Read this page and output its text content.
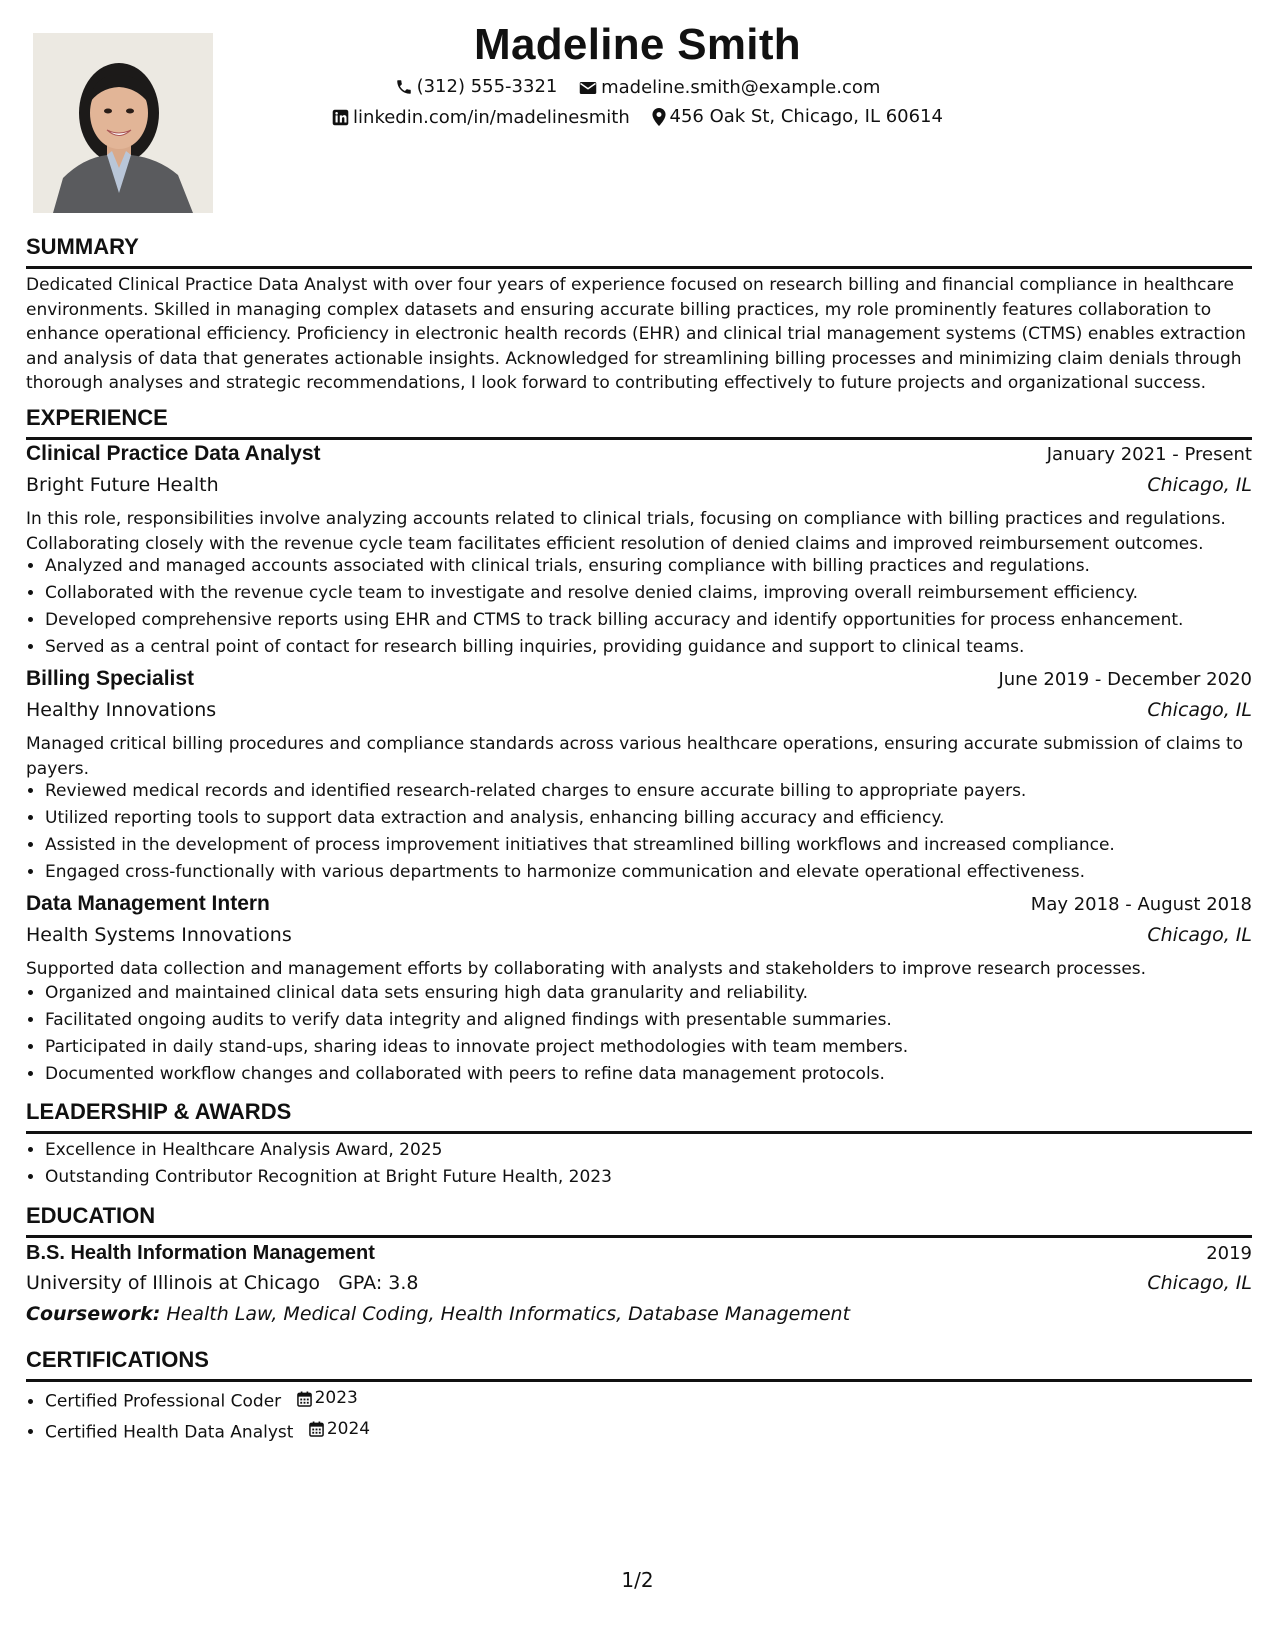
Madeline Smith
(312) 555-3321
madeline.smith@example.com
linkedin.com/in/madelinesmith
456 Oak St, Chicago, IL 60614
SUMMARY
Dedicated Clinical Practice Data Analyst with over four years of experience focused on research billing and financial compliance in healthcare environments. Skilled in managing complex datasets and ensuring accurate billing practices, my role prominently features collaboration to enhance operational efficiency. Proficiency in electronic health records (EHR) and clinical trial management systems (CTMS) enables extraction and analysis of data that generates actionable insights. Acknowledged for streamlining billing processes and minimizing claim denials through thorough analyses and strategic recommendations, I look forward to contributing effectively to future projects and organizational success.
EXPERIENCE
Clinical Practice Data Analyst	January 2021 - Present
Bright Future Health	Chicago, IL
In this role, responsibilities involve analyzing accounts related to clinical trials, focusing on compliance with billing practices and regulations. Collaborating closely with the revenue cycle team facilitates efficient resolution of denied claims and improved reimbursement outcomes.
• Analyzed and managed accounts associated with clinical trials, ensuring compliance with billing practices and regulations.
• Collaborated with the revenue cycle team to investigate and resolve denied claims, improving overall reimbursement efficiency.
• Developed comprehensive reports using EHR and CTMS to track billing accuracy and identify opportunities for process enhancement.
• Served as a central point of contact for research billing inquiries, providing guidance and support to clinical teams.
Billing Specialist	June 2019 - December 2020
Healthy Innovations	Chicago, IL
Managed critical billing procedures and compliance standards across various healthcare operations, ensuring accurate submission of claims to payers.
• Reviewed medical records and identified research-related charges to ensure accurate billing to appropriate payers.
• Utilized reporting tools to support data extraction and analysis, enhancing billing accuracy and efficiency.
• Assisted in the development of process improvement initiatives that streamlined billing workflows and increased compliance.
• Engaged cross-functionally with various departments to harmonize communication and elevate operational effectiveness.
Data Management Intern	May 2018 - August 2018
Health Systems Innovations	Chicago, IL
Supported data collection and management efforts by collaborating with analysts and stakeholders to improve research processes.
• Organized and maintained clinical data sets ensuring high data granularity and reliability.
• Facilitated ongoing audits to verify data integrity and aligned findings with presentable summaries.
• Participated in daily stand-ups, sharing ideas to innovate project methodologies with team members.
• Documented workflow changes and collaborated with peers to refine data management protocols.
LEADERSHIP & AWARDS
• Excellence in Healthcare Analysis Award, 2025
• Outstanding Contributor Recognition at Bright Future Health, 2023
EDUCATION
B.S. Health Information Management	2019
University of Illinois at Chicago GPA: 3.8	Chicago, IL
Coursework: Health Law, Medical Coding, Health Informatics, Database Management
CERTIFICATIONS
• Certified Professional Coder 2023
• Certified Health Data Analyst 2024
1/2
